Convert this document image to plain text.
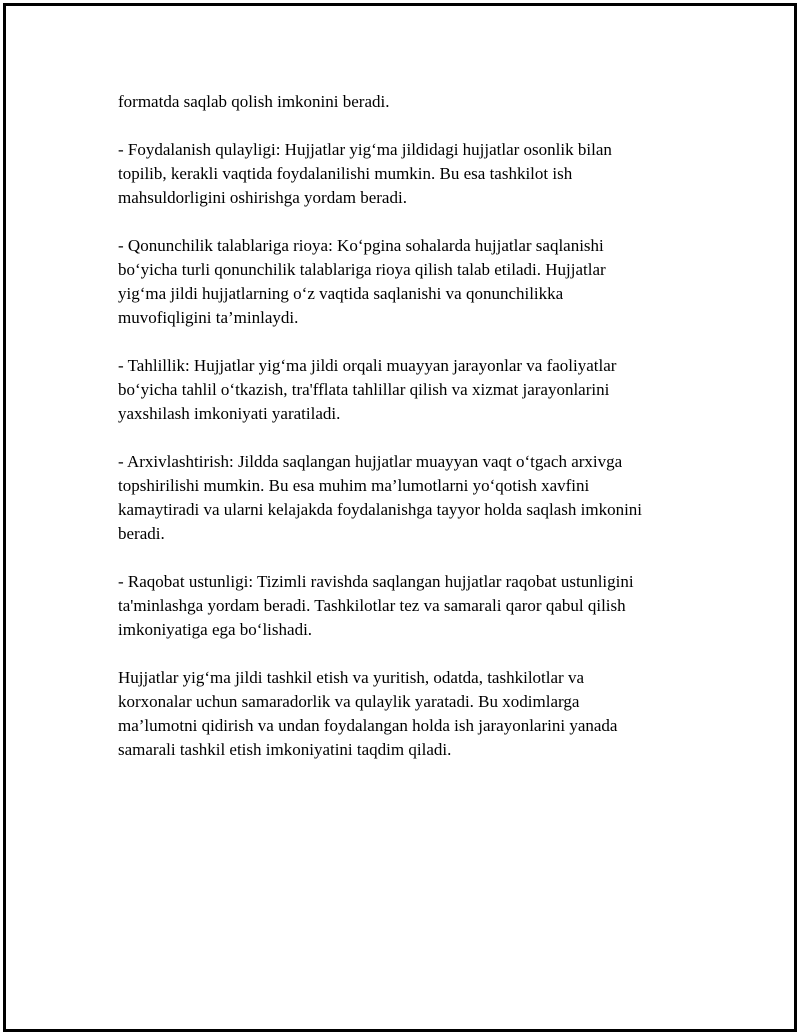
formatda saqlab qolish imkonini beradi.
- Foydalanish qulayligi: Hujjatlar yig‘ma jildidagi hujjatlar osonlik bilan
topilib, kerakli vaqtida foydalanilishi mumkin. Bu esa tashkilot ish
mahsuldorligini oshirishga yordam beradi.
- Qonunchilik talablariga rioya: Ko‘pgina sohalarda hujjatlar saqlanishi
bo‘yicha turli qonunchilik talablariga rioya qilish talab etiladi. Hujjatlar
yig‘ma jildi hujjatlarning o‘z vaqtida saqlanishi va qonunchilikka
muvofiqligini ta’minlaydi.
- Tahlillik: Hujjatlar yig‘ma jildi orqali muayyan jarayonlar va faoliyatlar
bo‘yicha tahlil o‘tkazish, tra'fflata tahlillar qilish va xizmat jarayonlarini
yaxshilash imkoniyati yaratiladi.
- Arxivlashtirish: Jildda saqlangan hujjatlar muayyan vaqt o‘tgach arxivga
topshirilishi mumkin. Bu esa muhim ma’lumotlarni yo‘qotish xavfini
kamaytiradi va ularni kelajakda foydalanishga tayyor holda saqlash imkonini
beradi.
- Raqobat ustunligi: Tizimli ravishda saqlangan hujjatlar raqobat ustunligini
ta'minlashga yordam beradi. Tashkilotlar tez va samarali qaror qabul qilish
imkoniyatiga ega bo‘lishadi.
Hujjatlar yig‘ma jildi tashkil etish va yuritish, odatda, tashkilotlar va
korxonalar uchun samaradorlik va qulaylik yaratadi. Bu xodimlarga
ma’lumotni qidirish va undan foydalangan holda ish jarayonlarini yanada
samarali tashkil etish imkoniyatini taqdim qiladi.
